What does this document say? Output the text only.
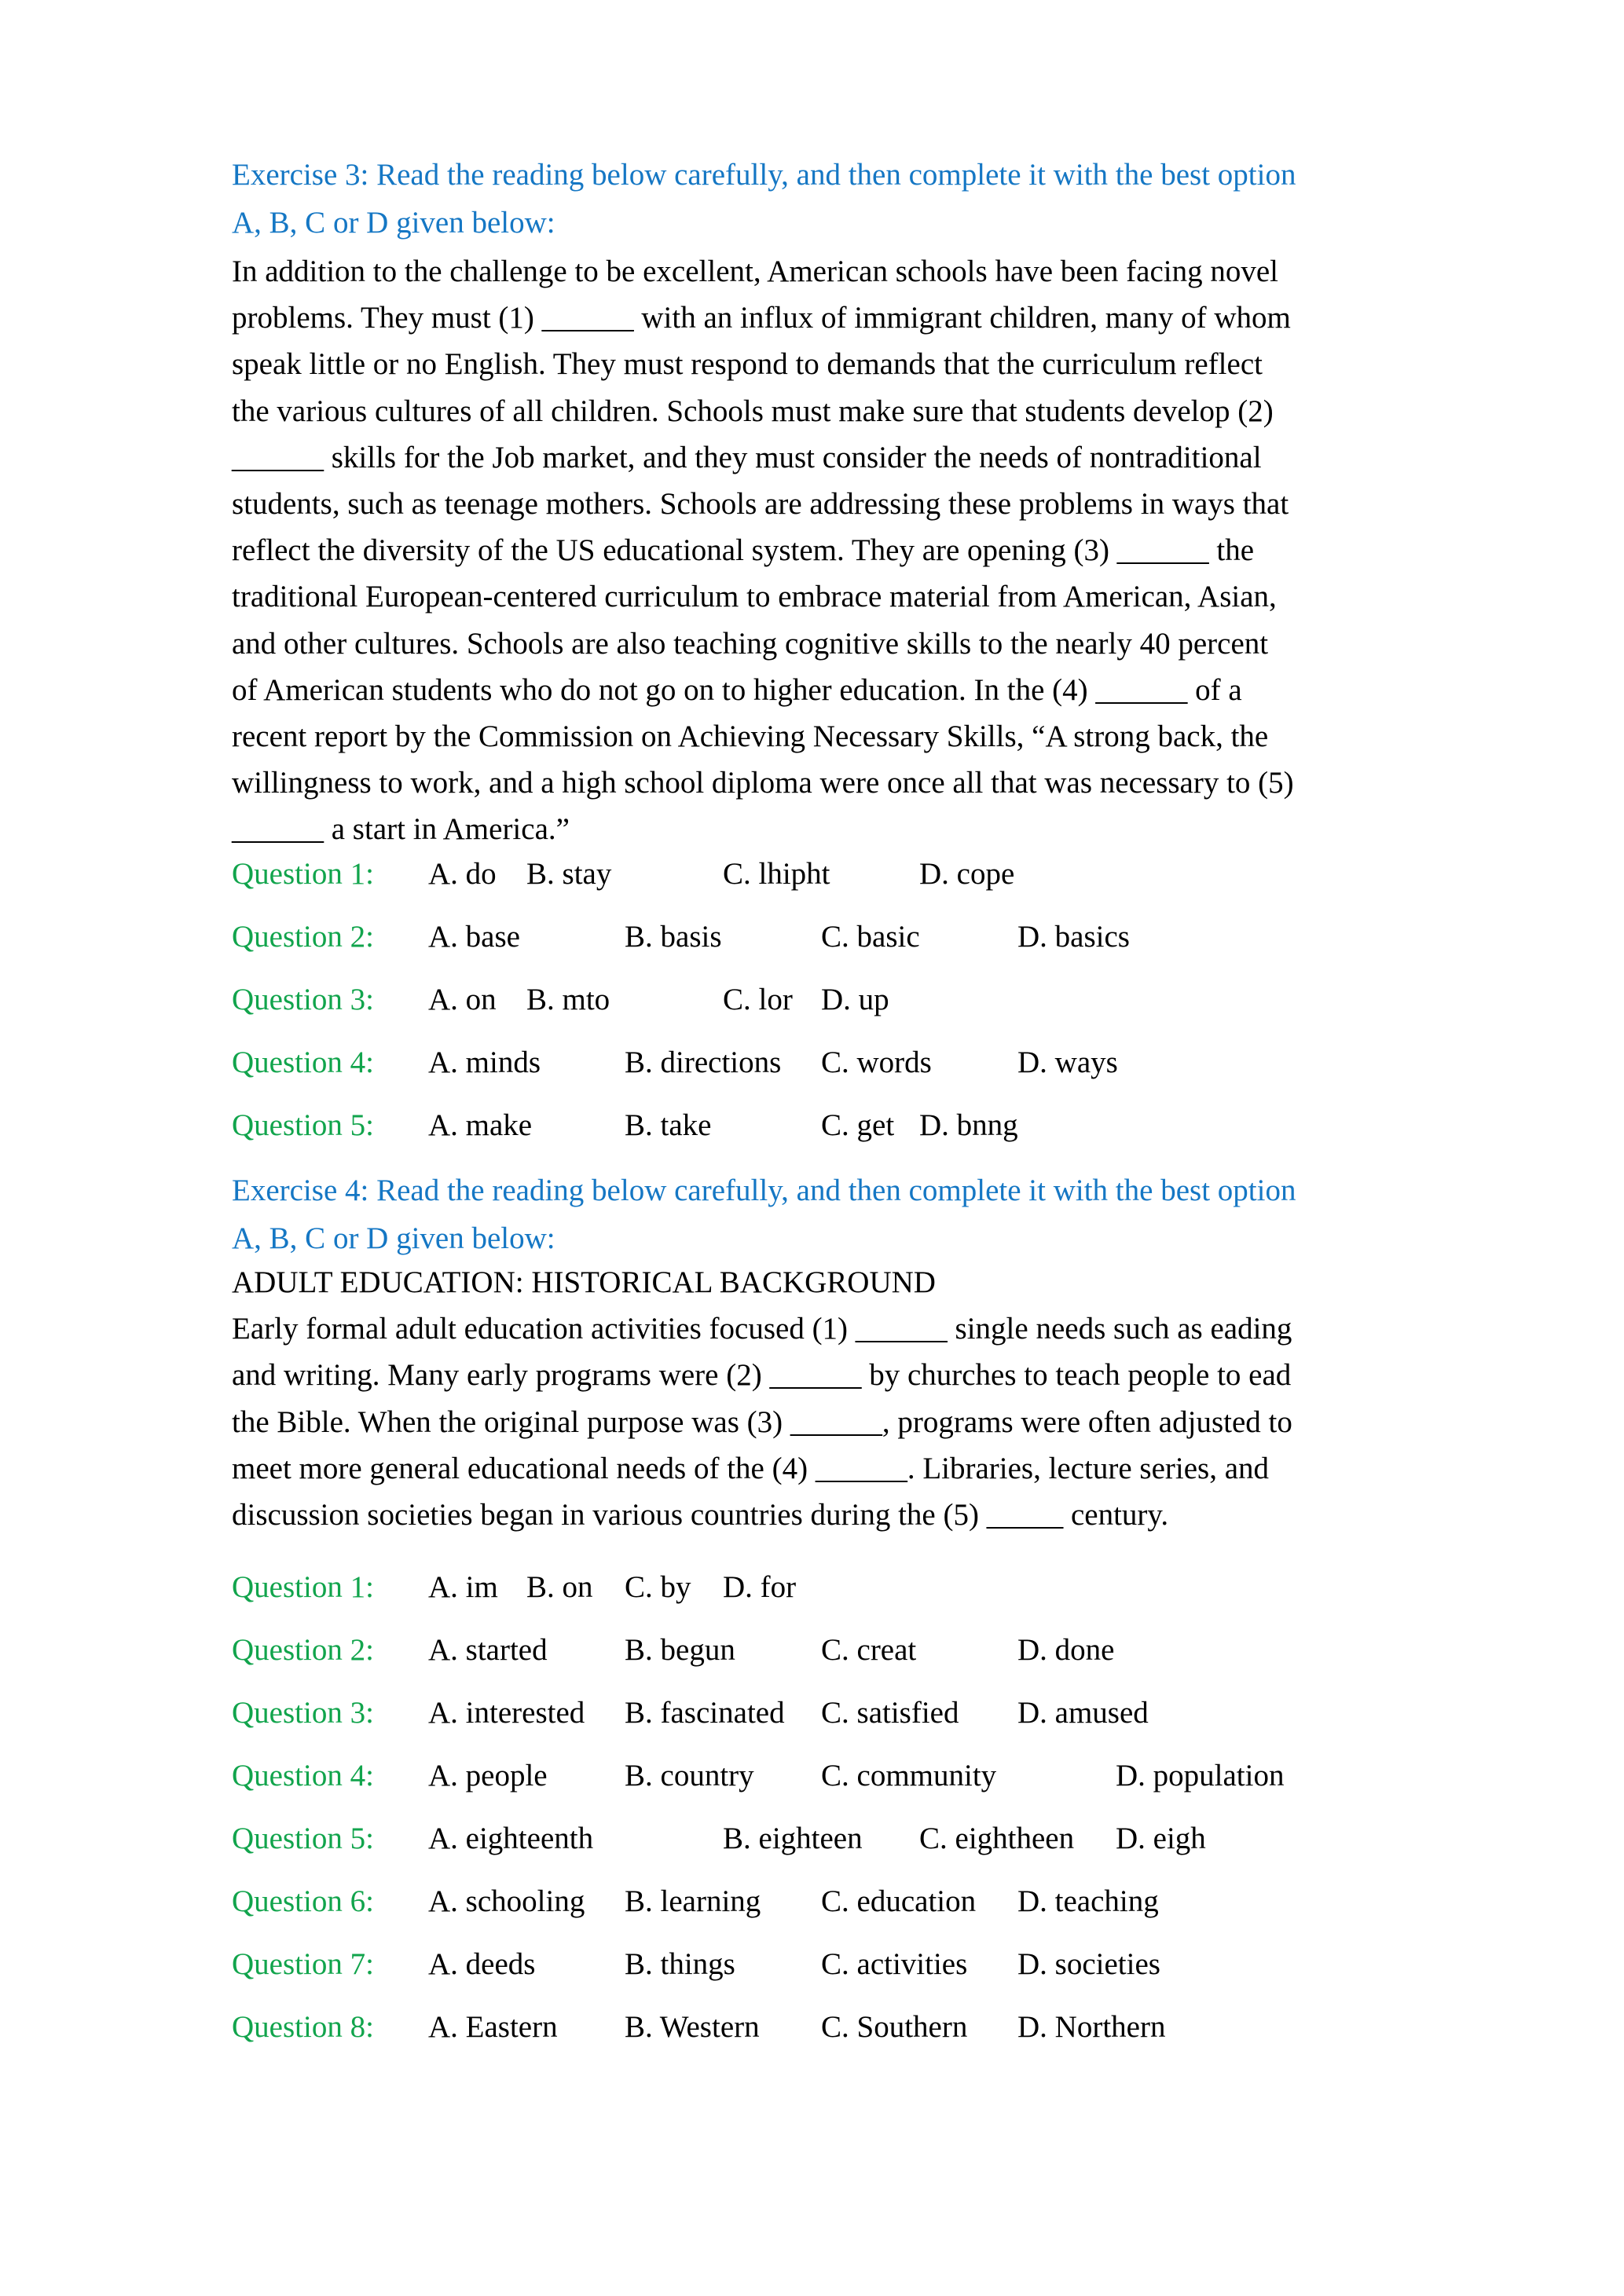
Exercise 3: Read the reading below carefully, and then complete it with the best option
A, B, C or D given below:
In addition to the challenge to be excellent, American schools have been facing novel
problems. They must (1) ______ with an influx of immigrant children, many of whom
speak little or no English. They must respond to demands that the curriculum reflect
the various cultures of all children. Schools must make sure that students develop (2)
______ skills for the Job market, and they must consider the needs of nontraditional
students, such as teenage mothers. Schools are addressing these problems in ways that
reflect the diversity of the US educational system. They are opening (3) ______ the
traditional European-centered curriculum to embrace material from American, Asian,
and other cultures. Schools are also teaching cognitive skills to the nearly 40 percent
of American students who do not go on to higher education. In the (4) ______ of a
recent report by the Commission on Achieving Necessary Skills, “A strong back, the
willingness to work, and a high school diploma were once all that was necessary to (5)
______ a start in America.”
Question 1: A. do B. stay	C. lhipht	D. cope
Question 2: A. base	B. basis	C. basic	D. basics
Question 3: A. on B. mto	C. lor D. up
Question 4: A. minds	B. directions C. words	D. ways
Question 5: A. make	B. take	C. get D. bnng
Exercise 4: Read the reading below carefully, and then complete it with the best option
A, B, C or D given below:
ADULT EDUCATION: HISTORICAL BACKGROUND
Early formal adult education activities focused (1) ______ single needs such as eading
and writing. Many early programs were (2) ______ by churches to teach people to ead
the Bible. When the original purpose was (3) ______, programs were often adjusted to
meet more general educational needs of the (4) ______. Libraries, lecture series, and
discussion societies began in various countries during the (5) _____ century.
Question 1: A. im B. on C. by D. for
Question 2: A. started	B. begun	C. creat	D. done
Question 3: A. interested B. fascinated C. satisfied D. amused
Question 4: A. people	B. country C. community	D. population
Question 5: A. eighteenth	B. eighteen C. eightheen D. eigh
Question 6: A. schooling B. learning C. education D. teaching
Question 7: A. deeds	B. things	C. activities D. societies
Question 8: A. Eastern B. Western C. Southern D. Northern
